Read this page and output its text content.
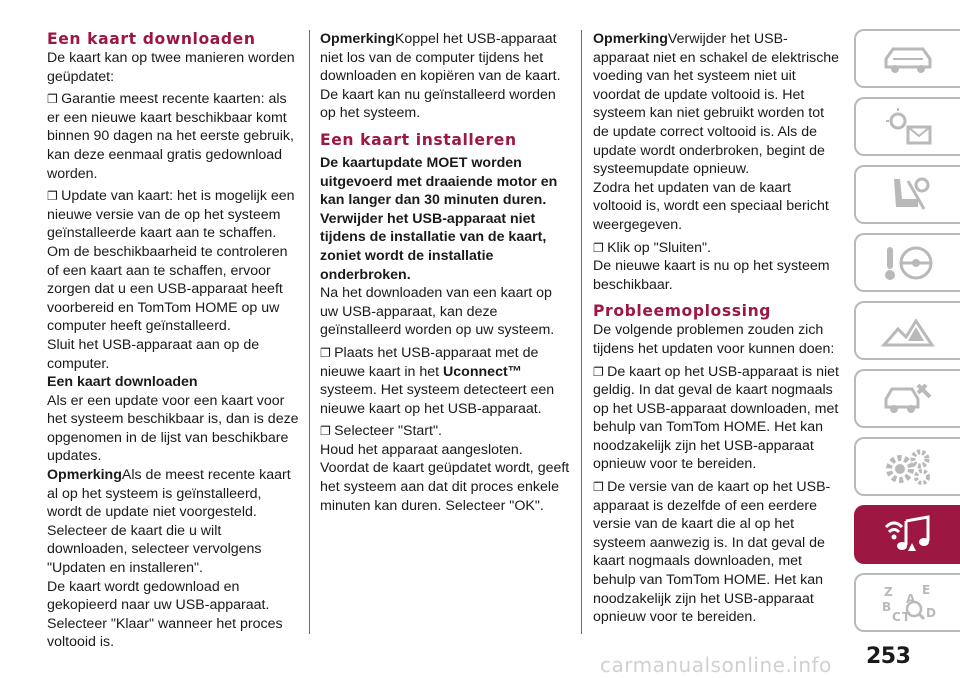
Een kaart downloaden

De kaart kan op twee manieren worden geüpdatet:

❐ Garantie meest recente kaarten: als er een nieuwe kaart beschikbaar komt binnen 90 dagen na het eerste gebruik, kan deze eenmaal gratis gedownload worden.

❐ Update van kaart: het is mogelijk een nieuwe versie van de op het systeem geïnstalleerde kaart aan te schaffen.

Om de beschikbaarheid te controleren of een kaart aan te schaffen, ervoor zorgen dat u een USB-apparaat heeft voorbereid en TomTom HOME op uw computer heeft geïnstalleerd.

Sluit het USB-apparaat aan op de computer.

Een kaart downloaden

Als er een update voor een kaart voor het systeem beschikbaar is, dan is deze opgenomen in de lijst van beschikbare updates.

OpmerkingAls de meest recente kaart al op het systeem is geïnstalleerd, wordt de update niet voorgesteld.

Selecteer de kaart die u wilt downloaden, selecteer vervolgens "Updaten en installeren".

De kaart wordt gedownload en gekopieerd naar uw USB-apparaat.

Selecteer "Klaar" wanneer het proces voltooid is.

OpmerkingKoppel het USB-apparaat niet los van de computer tijdens het downloaden en kopiëren van de kaart.

De kaart kan nu geïnstalleerd worden op het systeem.

Een kaart installeren

De kaartupdate MOET worden uitgevoerd met draaiende motor en kan langer dan 30 minuten duren. Verwijder het USB-apparaat niet tijdens de installatie van de kaart, zoniet wordt de installatie onderbroken.

Na het downloaden van een kaart op uw USB-apparaat, kan deze geïnstalleerd worden op uw systeem.

❐ Plaats het USB-apparaat met de nieuwe kaart in het Uconnect™ systeem. Het systeem detecteert een nieuwe kaart op het USB-apparaat.

❐ Selecteer "Start".

Houd het apparaat aangesloten.

Voordat de kaart geüpdatet wordt, geeft het systeem aan dat dit proces enkele minuten kan duren. Selecteer "OK".

OpmerkingVerwijder het USB-apparaat niet en schakel de elektrische voeding van het systeem niet uit voordat de update voltooid is. Het systeem kan niet gebruikt worden tot de update correct voltooid is. Als de update wordt onderbroken, begint de systeemupdate opnieuw.

Zodra het updaten van de kaart voltooid is, wordt een speciaal bericht weergegeven.

❐ Klik op "Sluiten".

De nieuwe kaart is nu op het systeem beschikbaar.

Probleemoplossing

De volgende problemen zouden zich tijdens het updaten voor kunnen doen:

❐ De kaart op het USB-apparaat is niet geldig. In dat geval de kaart nogmaals op het USB-apparaat downloaden, met behulp van TomTom HOME. Het kan noodzakelijk zijn het USB-apparaat opnieuw voor te bereiden.

❐ De versie van de kaart op het USB-apparaat is dezelfde of een eerdere versie van de kaart die al op het systeem aanwezig is. In dat geval de kaart nogmaals downloaden, met behulp van TomTom HOME. Het kan noodzakelijk zijn het USB-apparaat opnieuw voor te bereiden.

Z E
A
B
C T D
253
carmanualsonline.info
